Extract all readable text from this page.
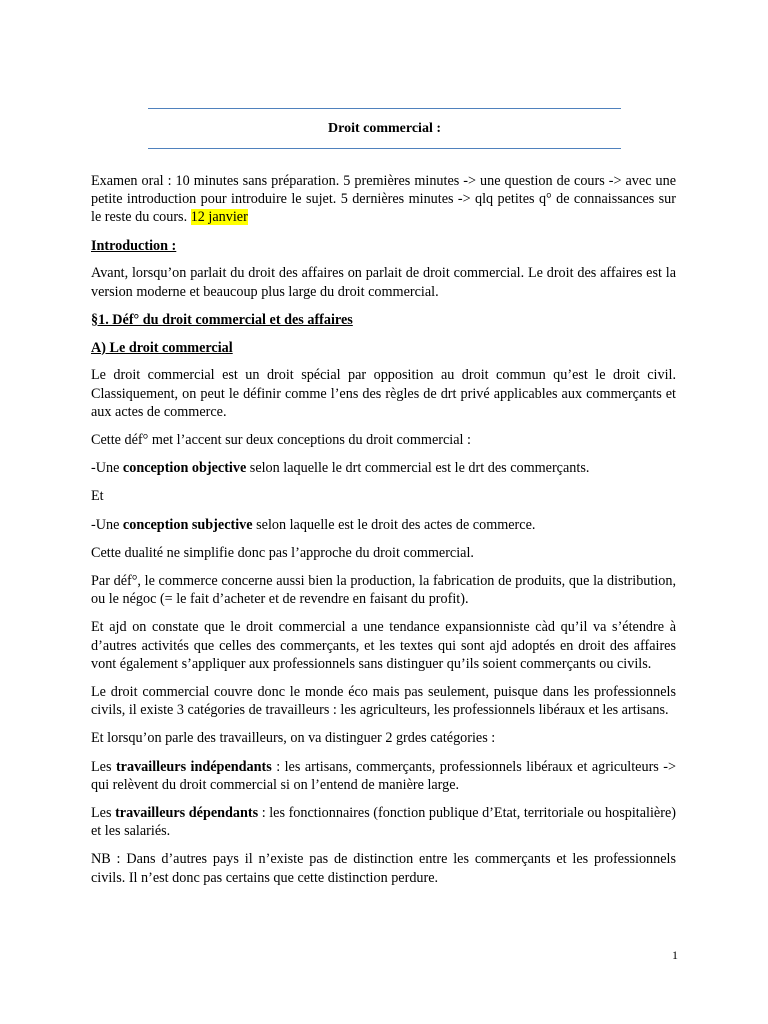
Droit commercial :

Examen oral : 10 minutes sans préparation. 5 premières minutes -> une question de cours -> avec une petite introduction pour introduire le sujet. 5 dernières minutes -> qlq petites q° de connaissances sur le reste du cours. 12 janvier

Introduction :

Avant, lorsqu’on parlait du droit des affaires on parlait de droit commercial. Le droit des affaires est la version moderne et beaucoup plus large du droit commercial.

§1. Déf° du droit commercial et des affaires

A) Le droit commercial

Le droit commercial est un droit spécial par opposition au droit commun qu’est le droit civil. Classiquement, on peut le définir comme l’ens des règles de drt privé applicables aux commerçants et aux actes de commerce.

Cette déf° met l’accent sur deux conceptions du droit commercial :

-Une conception objective selon laquelle le drt commercial est le drt des commerçants.

Et

-Une conception subjective selon laquelle est le droit des actes de commerce.

Cette dualité ne simplifie donc pas l’approche du droit commercial.

Par déf°, le commerce concerne aussi bien la production, la fabrication de produits, que la distribution, ou le négoc (= le fait d’acheter et de revendre en faisant du profit).

Et ajd on constate que le droit commercial a une tendance expansionniste càd qu’il va s’étendre à d’autres activités que celles des commerçants, et les textes qui sont ajd adoptés en droit des affaires vont également s’appliquer aux professionnels sans distinguer qu’ils soient commerçants ou civils.

Le droit commercial couvre donc le monde éco mais pas seulement, puisque dans les professionnels civils, il existe 3 catégories de travailleurs : les agriculteurs, les professionnels libéraux et les artisans.

Et lorsqu’on parle des travailleurs, on va distinguer 2 grdes catégories :

Les travailleurs indépendants : les artisans, commerçants, professionnels libéraux et agriculteurs -> qui relèvent du droit commercial si on l’entend de manière large.

Les travailleurs dépendants : les fonctionnaires (fonction publique d’Etat, territoriale ou hospitalière) et les salariés.

NB : Dans d’autres pays il n’existe pas de distinction entre les commerçants et les professionnels civils. Il n’est donc pas certains que cette distinction perdure.

1
